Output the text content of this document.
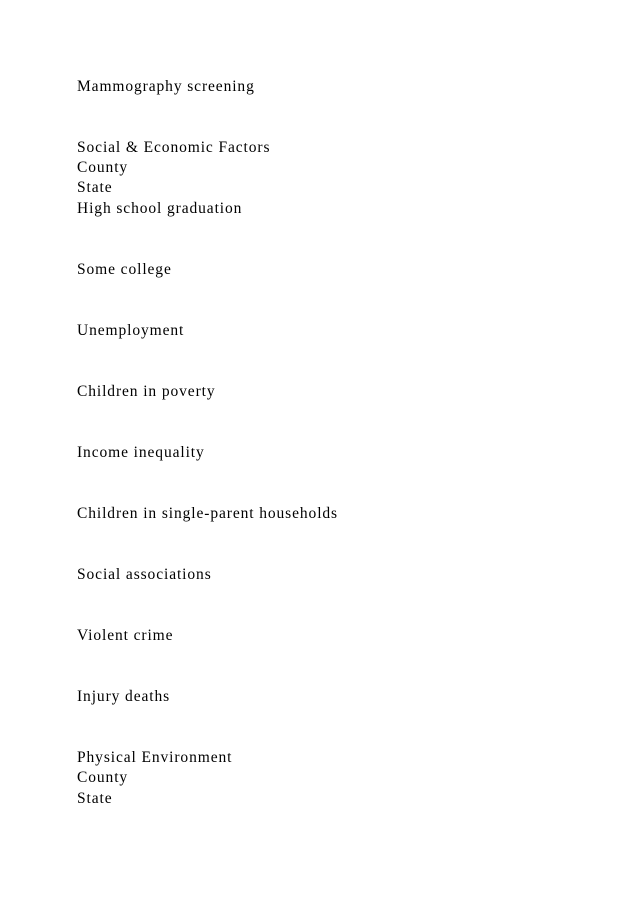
Mammography screening

Social & Economic Factors

County

State

High school graduation

Some college

Unemployment

Children in poverty

Income inequality

Children in single-parent households

Social associations

Violent crime

Injury deaths

Physical Environment

County

State
